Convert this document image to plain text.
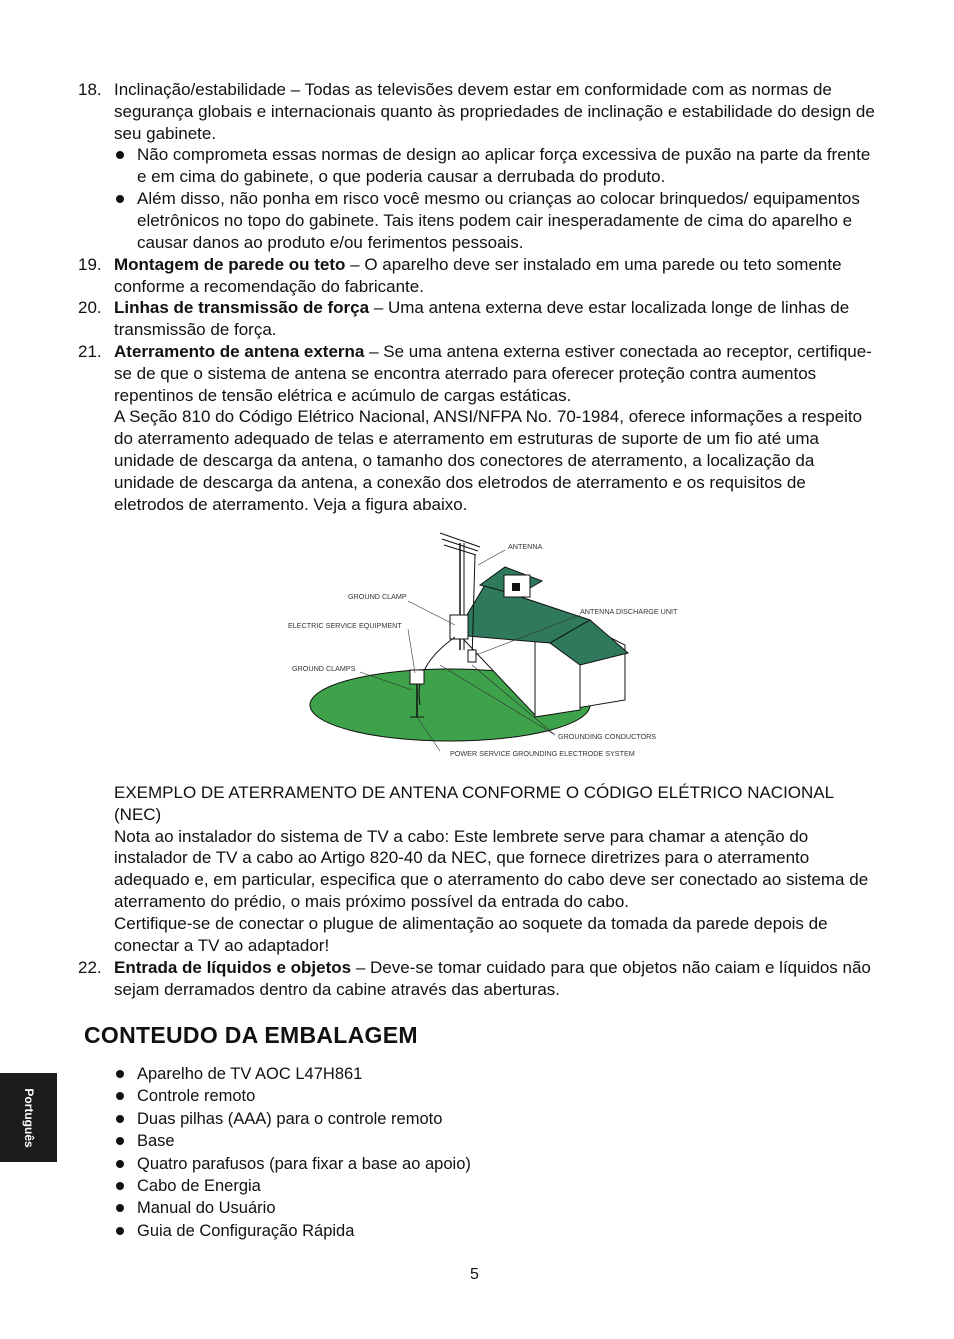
18. Inclinação/estabilidade – Todas as televisões devem estar em conformidade com as normas de segurança globais e internacionais quanto às propriedades de inclinação e estabilidade do design de seu gabinete.

Não comprometa essas normas de design ao aplicar força excessiva de puxão na parte da frente e em cima do gabinete, o que poderia causar a derrubada do produto.

Além disso, não ponha em risco você mesmo ou crianças ao colocar brinquedos/ equipamentos eletrônicos no topo do gabinete. Tais itens podem cair inesperadamente de cima do aparelho e causar danos ao produto e/ou ferimentos pessoais.

19. Montagem de parede ou teto – O aparelho deve ser instalado em uma parede ou teto somente conforme a recomendação do fabricante.

20. Linhas de transmissão de força – Uma antena externa deve estar localizada longe de linhas de transmissão de força.

21. Aterramento de antena externa – Se uma antena externa estiver conectada ao receptor, certifique-se de que o sistema de antena se encontra aterrado para oferecer proteção contra aumentos repentinos de tensão elétrica e acúmulo de cargas estáticas.

A Seção 810 do Código Elétrico Nacional, ANSI/NFPA No. 70-1984, oferece informações a respeito do aterramento adequado de telas e aterramento em estruturas de suporte de um fio até uma unidade de descarga da antena, o tamanho dos conectores de aterramento, a localização da unidade de descarga da antena, a conexão dos eletrodos de aterramento e os requisitos de eletrodos de aterramento. Veja a figura abaixo.

ANTENNA
GROUND CLAMP
ELECTRIC SERVICE EQUIPMENT
GROUND CLAMPS
ANTENNA DISCHARGE UNIT
GROUNDING CONDUCTORS
POWER SERVICE GROUNDING ELECTRODE SYSTEM

EXEMPLO DE ATERRAMENTO DE ANTENA CONFORME O CÓDIGO ELÉTRICO NACIONAL (NEC)

Nota ao instalador do sistema de TV a cabo: Este lembrete serve para chamar a atenção do instalador de TV a cabo ao Artigo 820-40 da NEC, que fornece diretrizes para o aterramento adequado e, em particular, especifica que o aterramento do cabo deve ser conectado ao sistema de aterramento do prédio, o mais próximo possível da entrada do cabo.

Certifique-se de conectar o plugue de alimentação ao soquete da tomada da parede depois de conectar a TV ao adaptador!

22. Entrada de líquidos e objetos – Deve-se tomar cuidado para que objetos não caiam e líquidos não sejam derramados dentro da cabine através das aberturas.

CONTEUDO DA EMBALAGEM
Aparelho de TV AOC L47H861
Controle remoto
Duas pilhas (AAA) para o controle remoto
Base
Quatro parafusos (para fixar a base ao apoio)
Cabo de Energia
Manual do Usuário
Guia de Configuração Rápida
Português
5
